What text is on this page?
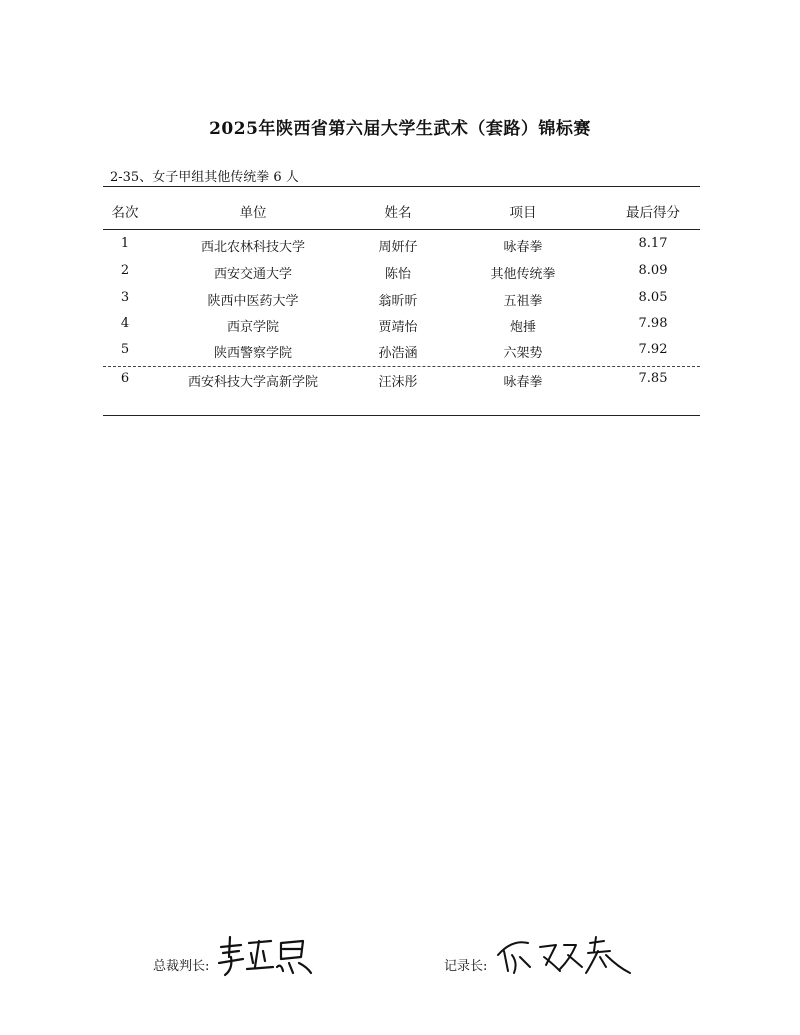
2025年陕西省第六届大学生武术（套路）锦标赛
2-35、女子甲组其他传统拳 6 人
名次	单位	姓名	项目	最后得分
1	西北农林科技大学	周妍仔	咏春拳	8.17
2	西安交通大学	陈怡	其他传统拳	8.09
3	陕西中医药大学	翁昕昕	五祖拳	8.05
4	西京学院	贾靖怡	炮捶	7.98
5	陕西警察学院	孙浩涵	六架势	7.92
6	西安科技大学高新学院	汪沫彤	咏春拳	7.85
总裁判长:	记录长:
